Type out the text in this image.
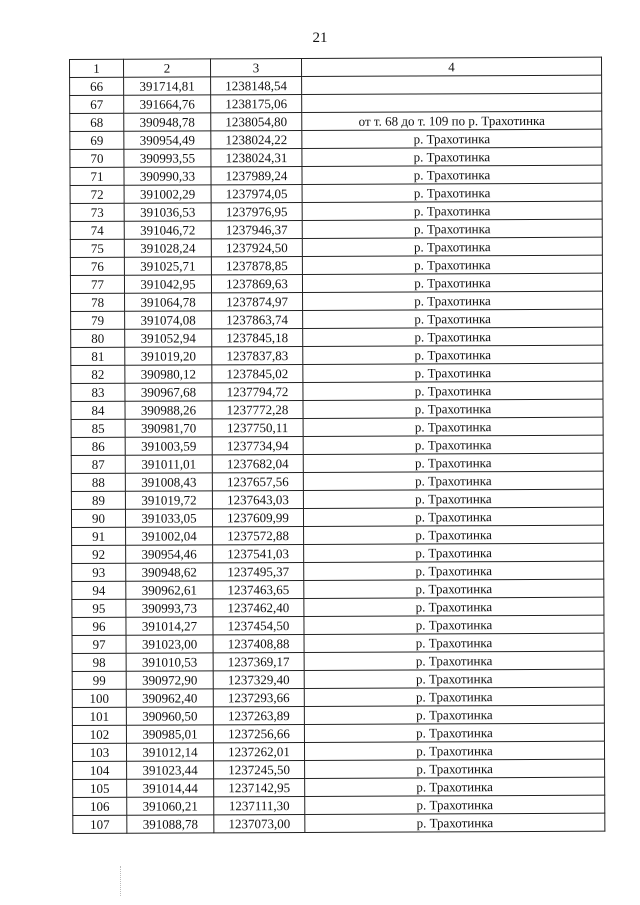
21
1	2	3	4
66	391714,81	1238148,54	
67	391664,76	1238175,06	
68	390948,78	1238054,80	от т. 68 до т. 109 по р. Трахотинка
69	390954,49	1238024,22	р. Трахотинка
70	390993,55	1238024,31	р. Трахотинка
71	390990,33	1237989,24	р. Трахотинка
72	391002,29	1237974,05	р. Трахотинка
73	391036,53	1237976,95	р. Трахотинка
74	391046,72	1237946,37	р. Трахотинка
75	391028,24	1237924,50	р. Трахотинка
76	391025,71	1237878,85	р. Трахотинка
77	391042,95	1237869,63	р. Трахотинка
78	391064,78	1237874,97	р. Трахотинка
79	391074,08	1237863,74	р. Трахотинка
80	391052,94	1237845,18	р. Трахотинка
81	391019,20	1237837,83	р. Трахотинка
82	390980,12	1237845,02	р. Трахотинка
83	390967,68	1237794,72	р. Трахотинка
84	390988,26	1237772,28	р. Трахотинка
85	390981,70	1237750,11	р. Трахотинка
86	391003,59	1237734,94	р. Трахотинка
87	391011,01	1237682,04	р. Трахотинка
88	391008,43	1237657,56	р. Трахотинка
89	391019,72	1237643,03	р. Трахотинка
90	391033,05	1237609,99	р. Трахотинка
91	391002,04	1237572,88	р. Трахотинка
92	390954,46	1237541,03	р. Трахотинка
93	390948,62	1237495,37	р. Трахотинка
94	390962,61	1237463,65	р. Трахотинка
95	390993,73	1237462,40	р. Трахотинка
96	391014,27	1237454,50	р. Трахотинка
97	391023,00	1237408,88	р. Трахотинка
98	391010,53	1237369,17	р. Трахотинка
99	390972,90	1237329,40	р. Трахотинка
100	390962,40	1237293,66	р. Трахотинка
101	390960,50	1237263,89	р. Трахотинка
102	390985,01	1237256,66	р. Трахотинка
103	391012,14	1237262,01	р. Трахотинка
104	391023,44	1237245,50	р. Трахотинка
105	391014,44	1237142,95	р. Трахотинка
106	391060,21	1237111,30	р. Трахотинка
107	391088,78	1237073,00	р. Трахотинка
